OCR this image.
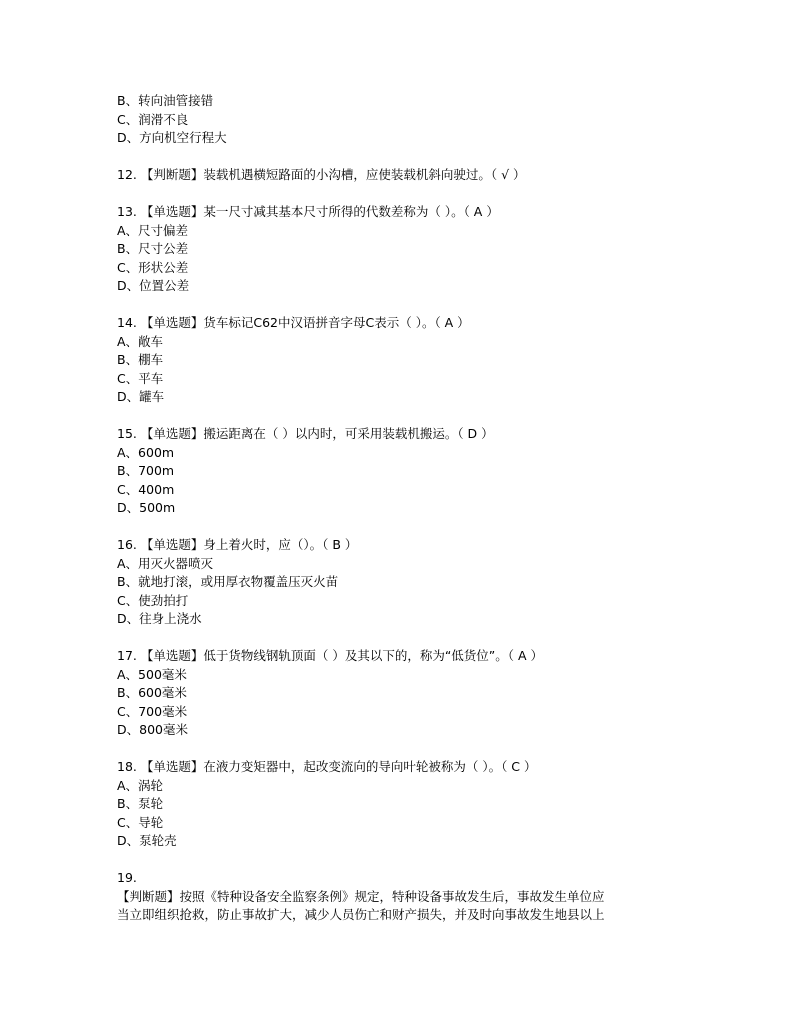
B、转向油管接错
C、润滑不良
D、方向机空行程大
12. 【判断题】装载机遇横短路面的小沟槽，应使装载机斜向驶过。（ √ ）
13. 【单选题】某一尺寸减其基本尺寸所得的代数差称为（ ）。（ A ）
A、尺寸偏差
B、尺寸公差
C、形状公差
D、位置公差
14. 【单选题】货车标记C62中汉语拼音字母C表示（ ）。（ A ）
A、敞车
B、棚车
C、平车
D、罐车
15. 【单选题】搬运距离在（ ）以内时，可采用装载机搬运。（ D ）
A、600m
B、700m
C、400m
D、500m
16. 【单选题】身上着火时，应（）。（ B ）
A、用灭火器喷灭
B、就地打滚，或用厚衣物覆盖压灭火苗
C、使劲拍打
D、往身上浇水
17. 【单选题】低于货物线钢轨顶面（ ）及其以下的，称为“低货位”。（ A ）
A、500毫米
B、600毫米
C、700毫米
D、800毫米
18. 【单选题】在液力变矩器中，起改变流向的导向叶轮被称为（ ）。（ C ）
A、涡轮
B、泵轮
C、导轮
D、泵轮壳
19.
【判断题】按照《特种设备安全监察条例》规定，特种设备事故发生后，事故发生单位应
当立即组织抢救，防止事故扩大，减少人员伤亡和财产损失，并及时向事故发生地县以上
